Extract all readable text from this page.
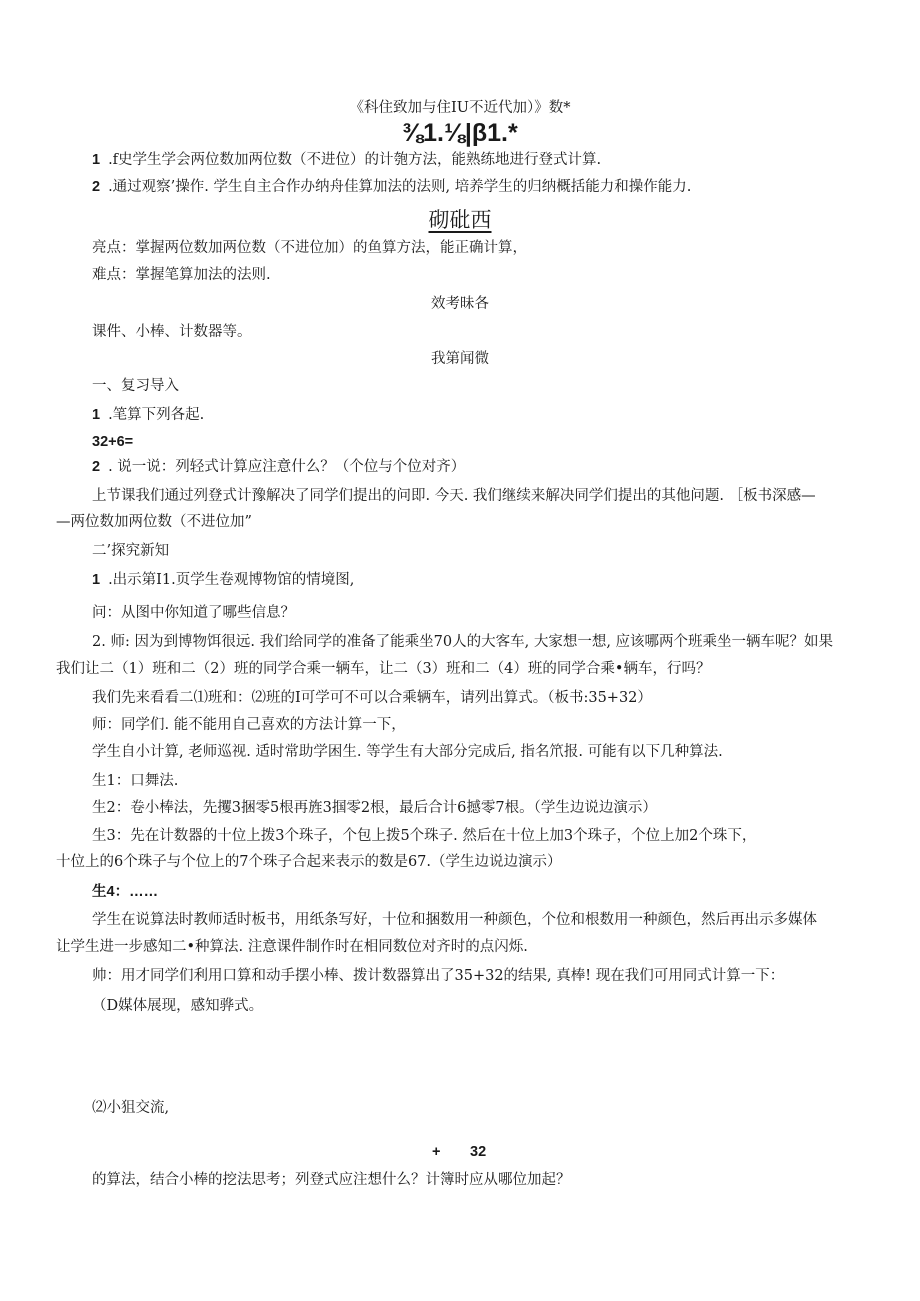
《科住致加与住IU不近代加）》数*
⅜1.⅛|β1.*
1 .f史学生学会两位数加两位数（不进位）的计匏方法，能熟练地进行登式计算.
2 .通过观察’操作. 学生自主合作办纳舟佳算加法的法则, 培养学生的归纳概括能力和操作能力.
砌砒西
亮点：掌握两位数加两位数（不进位加）的鱼算方法，能正确计算，
难点：掌握笔算加法的法则.
效考昧各
课件、小棒、计数器等。
我第闻微
一、复习导入
1 .笔算下列各起.
32+6=
2 . 说一说：列轻式计算应注意什么？（个位与个位对齐）
上节课我们通过列登式计豫解决了同学们提出的问即. 今天. 我们继续来解决同学们提出的其他问题. ［板书深感—
—两位数加两位数（不进位加”
二’探究新知
1 .出示第I1.页学生卷观博物馆的情境图,
问：从图中你知道了哪些信息？
2. 师: 因为到博物饵很远. 我们给同学的准备了能乘坐70人的大客车, 大家想一想, 应该哪两个班乘坐一辆车呢？如果
我们让二（1）班和二（2）班的同学合乘一辆车，让二（3）班和二（4）班的同学合乘•辆车，行吗？
我们先来看看二⑴班和：⑵班的I可学可不可以合乘辆车，请列出算式。（板书:35+32）
师：同学们. 能不能用自己喜欢的方法计算一下，
学生自小计算, 老师巡视. 适时常助学困生. 等学生有大部分完成后, 指名笊报. 可能有以下几种算法.
生1：口舞法.
生2：卷小棒法，先攫3捆零5根再旌3掴零2根，最后合计6撼零7根。（学生边说边演示）
生3：先在计数器的十位上拨3个珠子，个包上拨5个珠子. 然后在十位上加3个珠子，个位上加2个珠下，
十位上的6个珠子与个位上的7个珠子合起来表示的数是67.（学生边说边演示）
生4：……
学生在说算法时教师适时板书，用纸条写好，十位和捆数用一种颜色，个位和根数用一种颜色，然后再出示多媒体
让学生进一步感知二•种算法. 注意课件制作时在相同数位对齐时的点闪烁.
帅：用才同学们利用口算和动手摆小棒、拨计数器算出了35+32的结果, 真棒! 现在我们可用同式计算一下：
（D媒体展现，感知骅式。
⑵小狙交流,
+ 32
的算法，结合小棒的挖法思考；列登式应注想什么？计簿时应从哪位加起？
